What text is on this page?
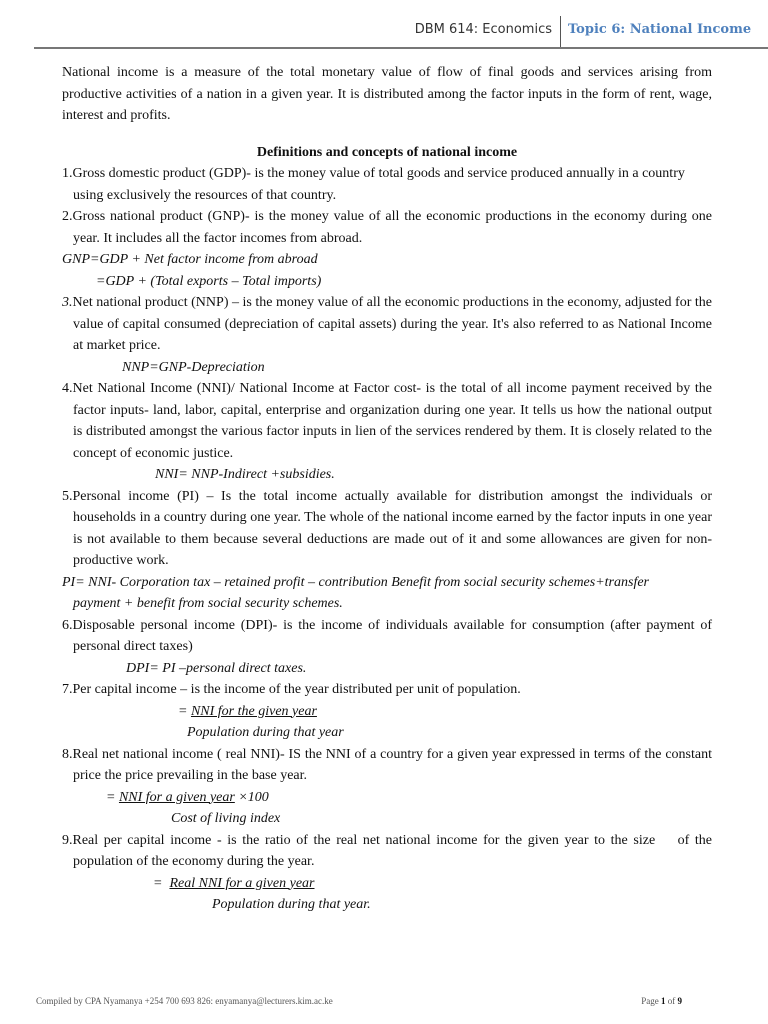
DBM 614: Economics Topic 6: National Income

National income is a measure of the total monetary value of flow of final goods and services arising from productive activities of a nation in a given year. It is distributed among the factor inputs in the form of rent, wage, interest and profits.

Definitions and concepts of national income

1.Gross domestic product (GDP)- is the money value of total goods and service produced annually in a country using exclusively the resources of that country.

2.Gross national product (GNP)- is the money value of all the economic productions in the economy during one year. It includes all the factor incomes from abroad.

GNP=GDP + Net factor income from abroad

=GDP + (Total exports – Total imports)

3.Net national product (NNP) – is the money value of all the economic productions in the economy, adjusted for the value of capital consumed (depreciation of capital assets) during the year. It's also referred to as National Income at market price.

NNP=GNP-Depreciation

4.Net National Income (NNI)/ National Income at Factor cost- is the total of all income payment received by the factor inputs- land, labor, capital, enterprise and organization during one year. It tells us how the national output is distributed amongst the various factor inputs in lien of the services rendered by them. It is closely related to the concept of economic justice.

NNI= NNP-Indirect +subsidies.

5.Personal income (PI) – Is the total income actually available for distribution amongst the individuals or households in a country during one year. The whole of the national income earned by the factor inputs in one year is not available to them because several deductions are made out of it and some allowances are given for non-productive work.

PI= NNI- Corporation tax – retained profit – contribution Benefit from social security schemes+transfer

payment + benefit from social security schemes.

6.Disposable personal income (DPI)- is the income of individuals available for consumption (after payment of personal direct taxes)

DPI= PI –personal direct taxes.

7.Per capital income – is the income of the year distributed per unit of population.

= NNI for the given year

Population during that year

8.Real net national income ( real NNI)- IS the NNI of a country for a given year expressed in terms of the constant price the price prevailing in the base year.

= NNI for a given year ×100

Cost of living index

9.Real per capital income - is the ratio of the real net national income for the given year to the size    of the population of the economy during the year.

=  Real NNI for a given year

Population during that year.

Compiled by CPA Nyamanya +254 700 693 826: enyamanya@lecturers.kim.ac.ke	Page 1 of 9
